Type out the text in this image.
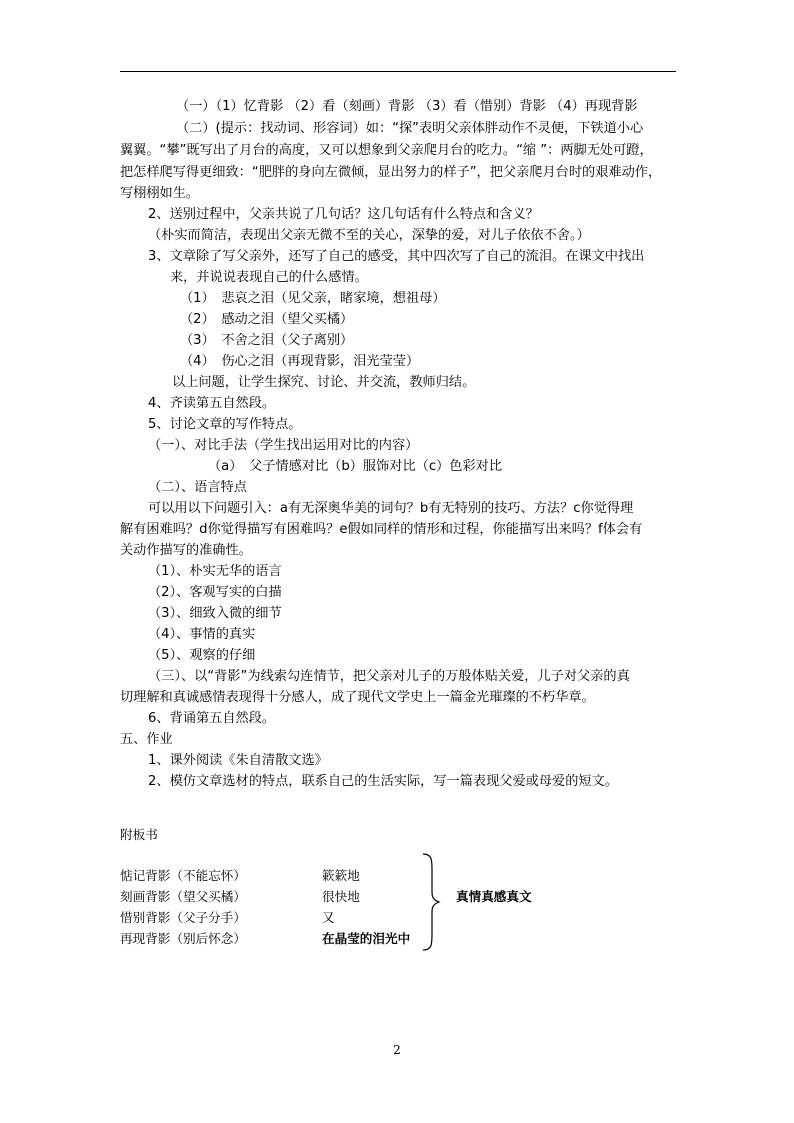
（一）（1）忆背影 （2）看（刻画）背影 （3）看（惜别）背影 （4）再现背影
（二）(提示：找动词、形容词）如：“探”表明父亲体胖动作不灵便，下铁道小心
翼翼。“攀”既写出了月台的高度，又可以想象到父亲爬月台的吃力。“缩 ”：两脚无处可蹬，
把怎样爬写得更细致：“肥胖的身向左微倾，显出努力的样子”，把父亲爬月台时的艰难动作，
写栩栩如生。
2、送别过程中，父亲共说了几句话？这几句话有什么特点和含义？
（朴实而简洁，表现出父亲无微不至的关心，深挚的爱，对儿子依依不舍。）
3、文章除了写父亲外，还写了自己的感受，其中四次写了自己的流泪。在课文中找出
来，并说说表现自己的什么感情。
（1）　悲哀之泪（见父亲，睹家境，想祖母）
（2）　感动之泪（望父买橘）
（3）　不舍之泪（父子离别）
（4）　伤心之泪（再现背影，泪光莹莹）
以上问题，让学生探究、讨论、并交流，教师归结。
4、齐读第五自然段。
5、讨论文章的写作特点。
（一）、对比手法（学生找出运用对比的内容）
（a）　父子情感对比（b）服饰对比（c）色彩对比
（二）、语言特点
可以用以下问题引入：a有无深奥华美的词句？b有无特别的技巧、方法？c你觉得理
解有困难吗？d你觉得描写有困难吗？e假如同样的情形和过程，你能描写出来吗？f体会有
关动作描写的准确性。
（1）、朴实无华的语言
（2）、客观写实的白描
（3）、细致入微的细节
（4）、事情的真实
（5）、观察的仔细
（三）、以“背影”为线索勾连情节，把父亲对儿子的万般体贴关爱，儿子对父亲的真
切理解和真诚感情表现得十分感人，成了现代文学史上一篇金光璀璨的不朽华章。
6、背诵第五自然段。
五、作业
1、课外阅读《朱自清散文选》
2、模仿文章选材的特点，联系自己的生活实际，写一篇表现父爱或母爱的短文。
附板书
惦记背影（不能忘怀）	簌簌地
刻画背影（望父买橘）	很快地
惜别背影（父子分手）	又
再现背影（别后怀念）	在晶莹的泪光中
真情真感真文
2
